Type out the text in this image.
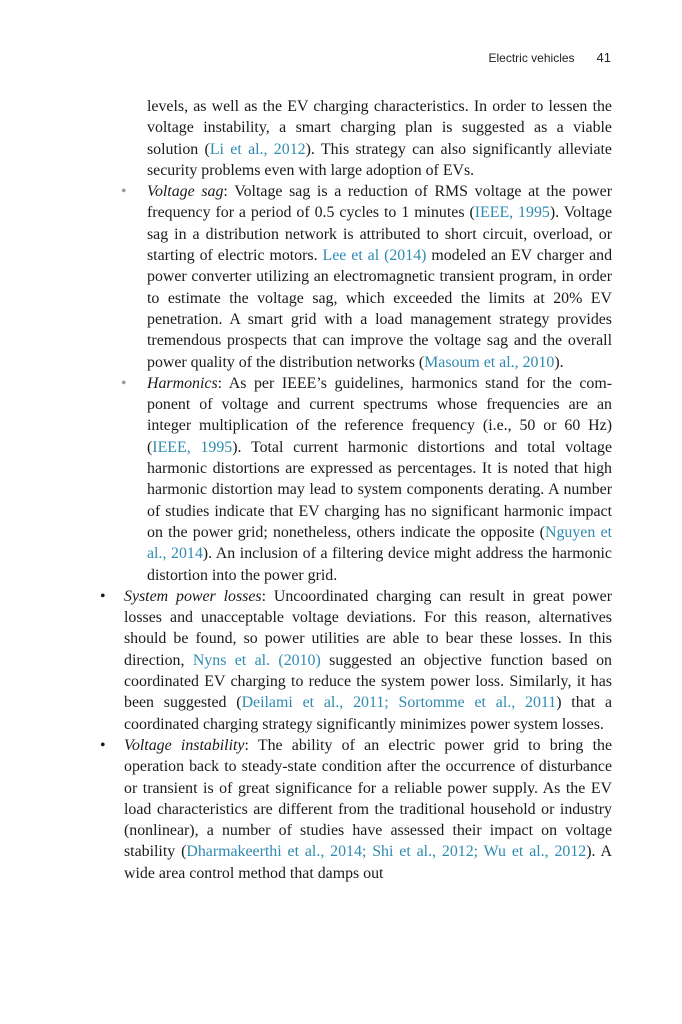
Electric vehicles 41

levels, as well as the EV charging characteristics. In order to lessen the voltage instability, a smart charging plan is suggested as a viable solution (Li et al., 2012). This strategy can also significantly alleviate security problems even with large adoption of EVs.

• Voltage sag: Voltage sag is a reduction of RMS voltage at the power frequency for a period of 0.5 cycles to 1 minutes (IEEE, 1995). Voltage sag in a distribution network is attributed to short circuit, overload, or starting of electric motors. Lee et al (2014) modeled an EV charger and power converter utilizing an electromagnetic transient program, in order to estimate the voltage sag, which exceeded the limits at 20% EV penetration. A smart grid with a load management strategy provides tremendous prospects that can improve the voltage sag and the overall power quality of the distribution networks (Masoum et al., 2010).

• Harmonics: As per IEEE’s guidelines, harmonics stand for the component of voltage and current spectrums whose frequencies are an integer multiplication of the reference frequency (i.e., 50 or 60 Hz) (IEEE, 1995). Total current harmonic distortions and total voltage harmonic distortions are expressed as percentages. It is noted that high harmonic distortion may lead to system components derating. A number of studies indicate that EV charging has no significant harmonic impact on the power grid; nonetheless, others indicate the opposite (Nguyen et al., 2014). An inclusion of a filtering device might address the harmonic distortion into the power grid.

• System power losses: Uncoordinated charging can result in great power losses and unacceptable voltage deviations. For this reason, alternatives should be found, so power utilities are able to bear these losses. In this direction, Nyns et al. (2010) suggested an objective function based on coordinated EV charging to reduce the system power loss. Similarly, it has been suggested (Deilami et al., 2011; Sortomme et al., 2011) that a coordinated charging strategy significantly minimizes power system losses.

• Voltage instability: The ability of an electric power grid to bring the operation back to steady-state condition after the occurrence of disturbance or transient is of great significance for a reliable power supply. As the EV load characteristics are different from the traditional household or industry (nonlinear), a number of studies have assessed their impact on voltage stability (Dharmakeerthi et al., 2014; Shi et al., 2012; Wu et al., 2012). A wide area control method that damps out
